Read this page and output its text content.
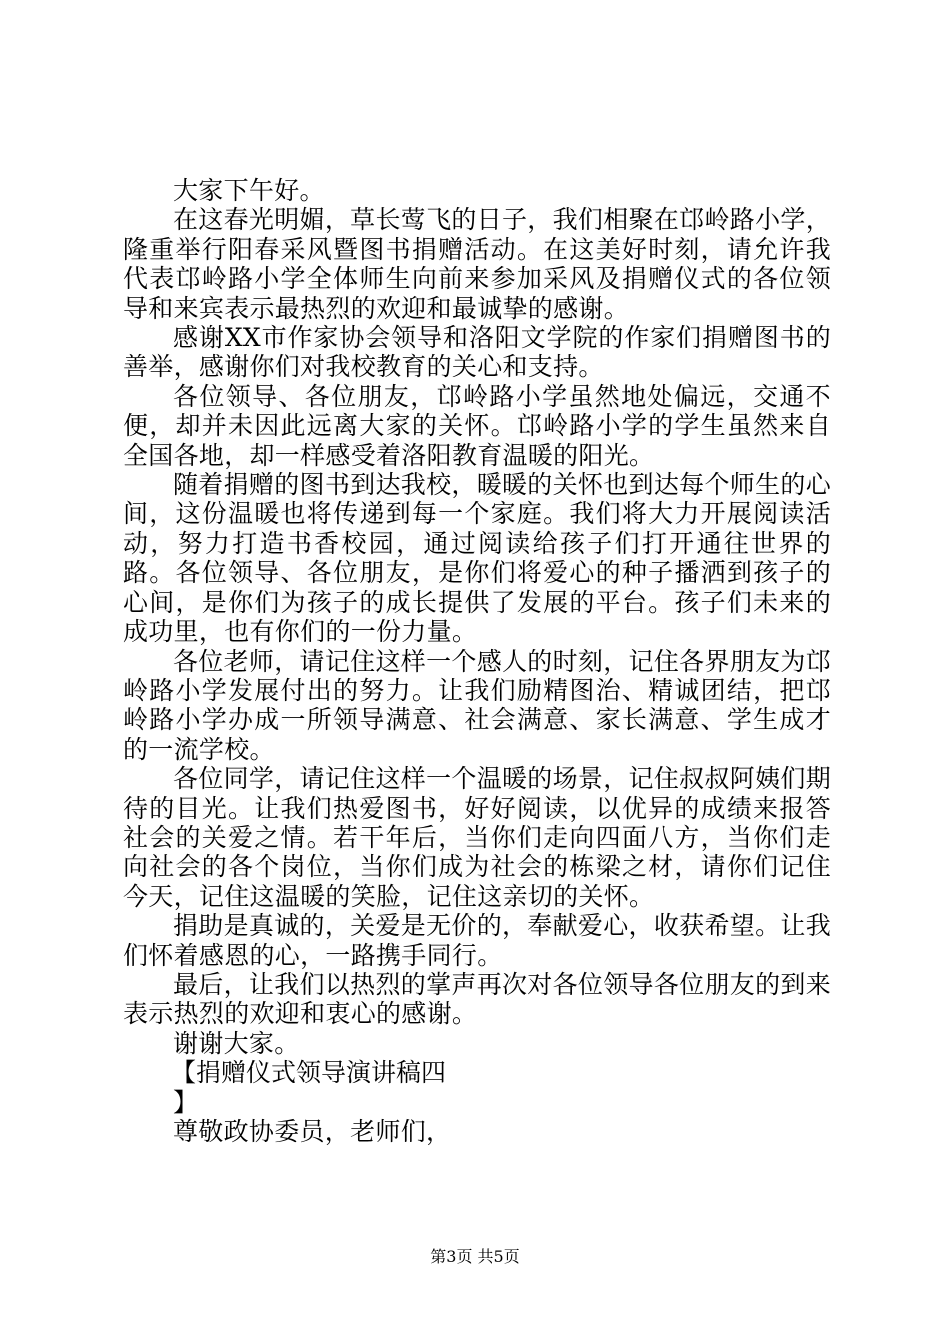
大家下午好。

在这春光明媚，草长莺飞的日子，我们相聚在邙岭路小学，隆重举行阳春采风暨图书捐赠活动。在这美好时刻，请允许我代表邙岭路小学全体师生向前来参加采风及捐赠仪式的各位领导和来宾表示最热烈的欢迎和最诚挚的感谢。

感谢XX市作家协会领导和洛阳文学院的作家们捐赠图书的善举，感谢你们对我校教育的关心和支持。

各位领导、各位朋友，邙岭路小学虽然地处偏远，交通不便，却并未因此远离大家的关怀。邙岭路小学的学生虽然来自全国各地，却一样感受着洛阳教育温暖的阳光。

随着捐赠的图书到达我校，暖暖的关怀也到达每个师生的心间，这份温暖也将传递到每一个家庭。我们将大力开展阅读活动，努力打造书香校园，通过阅读给孩子们打开通往世界的路。各位领导、各位朋友，是你们将爱心的种子播洒到孩子的心间，是你们为孩子的成长提供了发展的平台。孩子们未来的成功里，也有你们的一份力量。

各位老师，请记住这样一个感人的时刻，记住各界朋友为邙岭路小学发展付出的努力。让我们励精图治、精诚团结，把邙岭路小学办成一所领导满意、社会满意、家长满意、学生成才的一流学校。

各位同学，请记住这样一个温暖的场景，记住叔叔阿姨们期待的目光。让我们热爱图书，好好阅读，以优异的成绩来报答社会的关爱之情。若干年后，当你们走向四面八方，当你们走向社会的各个岗位，当你们成为社会的栋梁之材，请你们记住今天，记住这温暖的笑脸，记住这亲切的关怀。

捐助是真诚的，关爱是无价的，奉献爱心，收获希望。让我们怀着感恩的心，一路携手同行。

最后，让我们以热烈的掌声再次对各位领导各位朋友的到来表示热烈的欢迎和衷心的感谢。

谢谢大家。

【捐赠仪式领导演讲稿四

】

尊敬政协委员，老师们，

第3页 共5页
